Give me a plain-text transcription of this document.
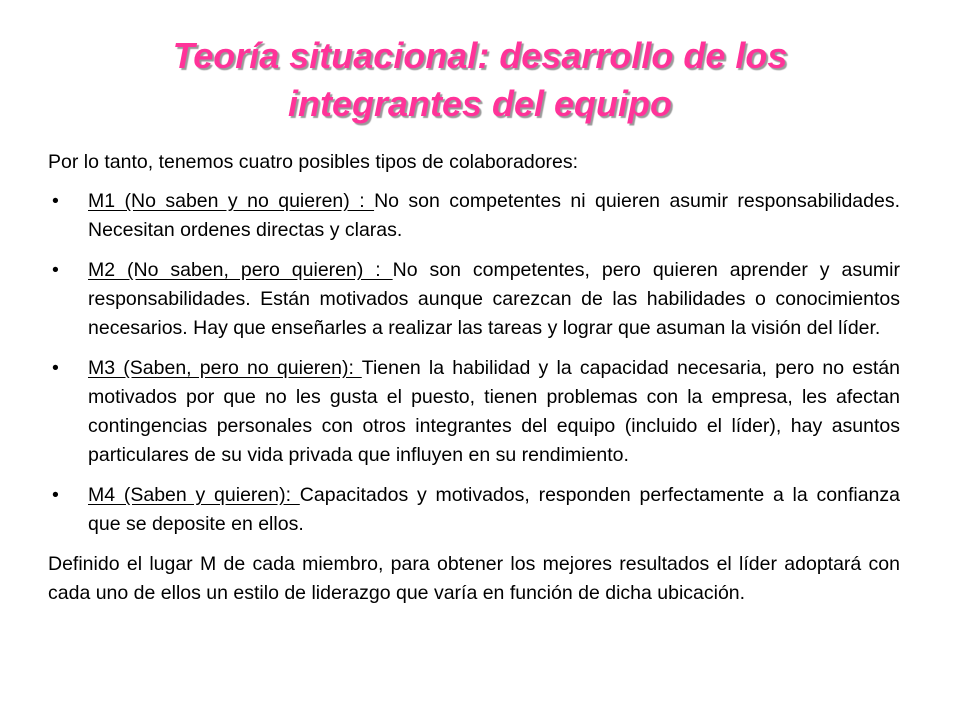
Teoría situacional: desarrollo de los
integrantes del equipo

Por lo tanto, tenemos cuatro posibles tipos de colaboradores:

• M1 (No saben y no quieren) : No son competentes ni quieren asumir responsabilidades. Necesitan ordenes directas y claras.
• M2 (No saben, pero quieren) : No son competentes, pero quieren aprender y asumir responsabilidades. Están motivados aunque carezcan de las habilidades o conocimientos necesarios. Hay que enseñarles a realizar las tareas y lograr que asuman la visión del líder.
• M3 (Saben, pero no quieren): Tienen la habilidad y la capacidad necesaria, pero no están motivados por que no les gusta el puesto, tienen problemas con la empresa, les afectan contingencias personales con otros integrantes del equipo (incluido el líder), hay asuntos particulares de su vida privada que influyen en su rendimiento.
• M4 (Saben y quieren): Capacitados y motivados, responden perfectamente a la confianza que se deposite en ellos.

Definido el lugar M de cada miembro, para obtener los mejores resultados el líder adoptará con cada uno de ellos un estilo de liderazgo que varía en función de dicha ubicación.
